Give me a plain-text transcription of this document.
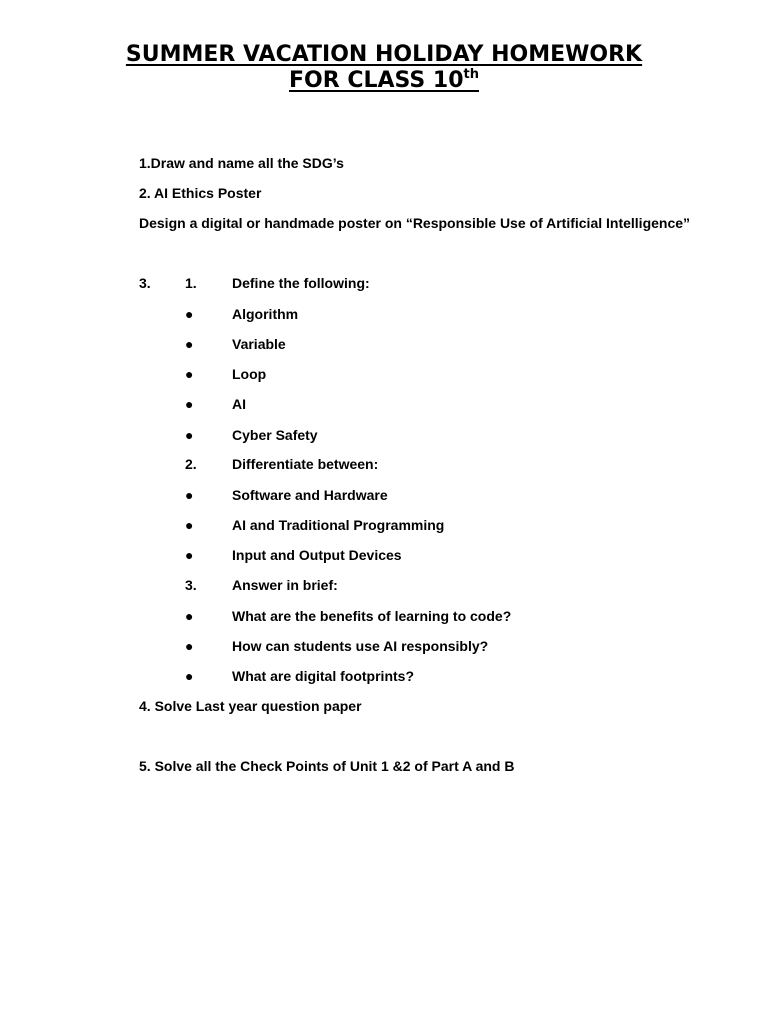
SUMMER VACATION HOLIDAY HOMEWORK
FOR CLASS 10th
1.Draw and name all the SDG’s
2. AI Ethics Poster
Design a digital or handmade poster on “Responsible Use of Artificial Intelligence”
3. 1.	Define the following:
●	Algorithm
●	Variable
●	Loop
●	AI
●	Cyber Safety
2.	Differentiate between:
●	Software and Hardware
●	AI and Traditional Programming
●	Input and Output Devices
3.	Answer in brief:
●	What are the benefits of learning to code?
●	How can students use AI responsibly?
●	What are digital footprints?
4. Solve Last year question paper
5. Solve all the Check Points of Unit 1 &2 of Part A and B
